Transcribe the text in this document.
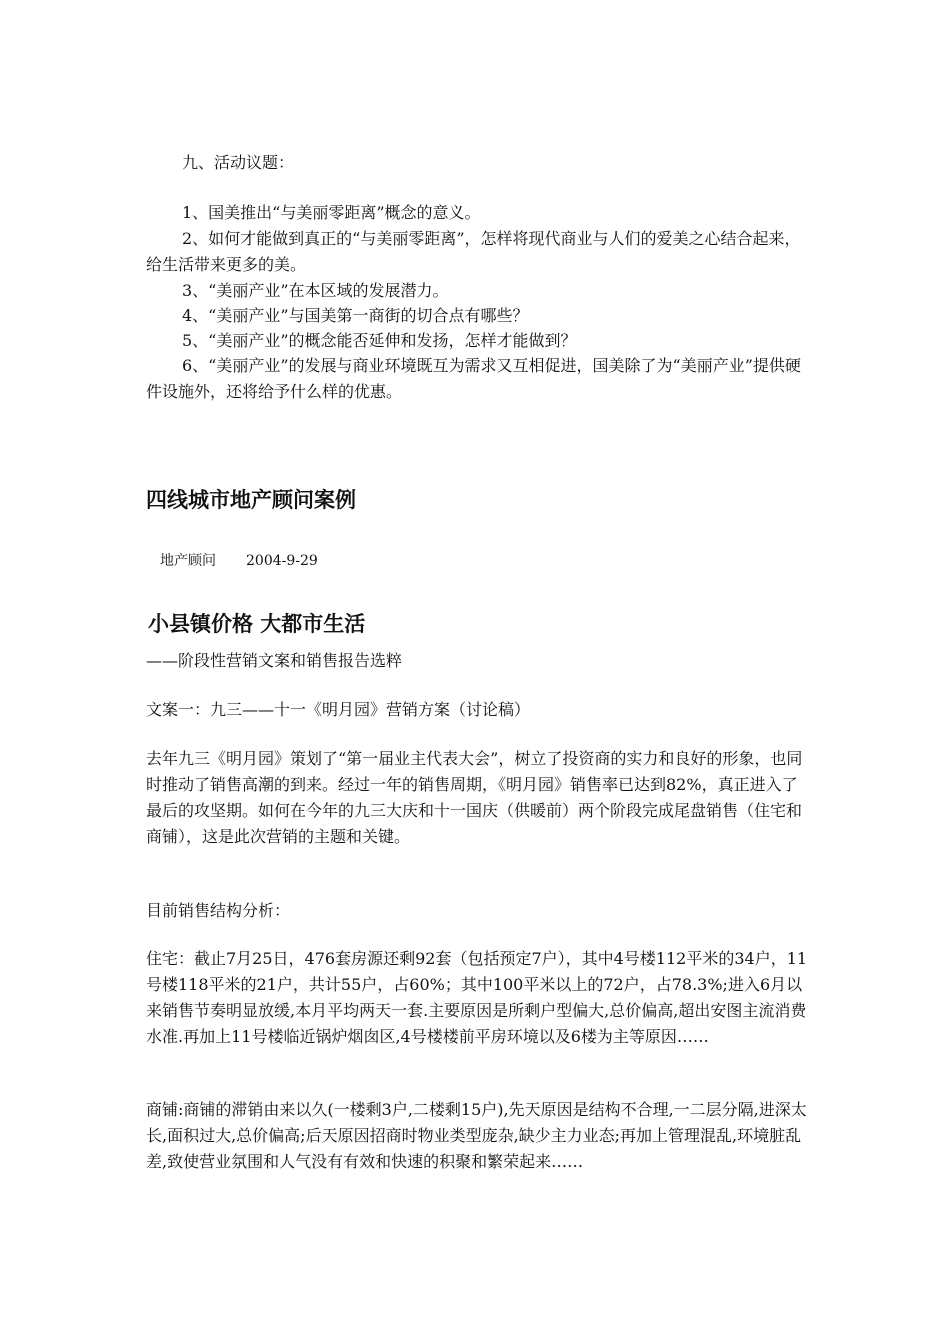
九、活动议题：

1、国美推出“与美丽零距离”概念的意义。

2、如何才能做到真正的“与美丽零距离”，怎样将现代商业与人们的爱美之心结合起来，给生活带来更多的美。

3、“美丽产业”在本区域的发展潜力。

4、“美丽产业”与国美第一商街的切合点有哪些？

5、“美丽产业”的概念能否延伸和发扬，怎样才能做到？

6、“美丽产业”的发展与商业环境既互为需求又互相促进，国美除了为“美丽产业”提供硬件设施外，还将给予什么样的优惠。

四线城市地产顾问案例

地产顾问 2004-9-29

小县镇价格 大都市生活

——阶段性营销文案和销售报告选粹

文案一：九三——十一《明月园》营销方案（讨论稿）

去年九三《明月园》策划了“第一届业主代表大会”，树立了投资商的实力和良好的形象，也同时推动了销售高潮的到来。经过一年的销售周期，《明月园》销售率已达到82%，真正进入了最后的攻坚期。如何在今年的九三大庆和十一国庆（供暖前）两个阶段完成尾盘销售（住宅和商铺），这是此次营销的主题和关键。

目前销售结构分析：

住宅：截止7月25日，476套房源还剩92套（包括预定7户），其中4号楼112平米的34户，11号楼118平米的21户，共计55户，占60%；其中100平米以上的72户，占78.3%;进入6月以来销售节奏明显放缓,本月平均两天一套.主要原因是所剩户型偏大,总价偏高,超出安图主流消费水准.再加上11号楼临近锅炉烟囱区,4号楼楼前平房环境以及6楼为主等原因……

商铺:商铺的滞销由来以久(一楼剩3户,二楼剩15户),先天原因是结构不合理,一二层分隔,进深太长,面积过大,总价偏高;后天原因招商时物业类型庞杂,缺少主力业态;再加上管理混乱,环境脏乱差,致使营业氛围和人气没有有效和快速的积聚和繁荣起来……
